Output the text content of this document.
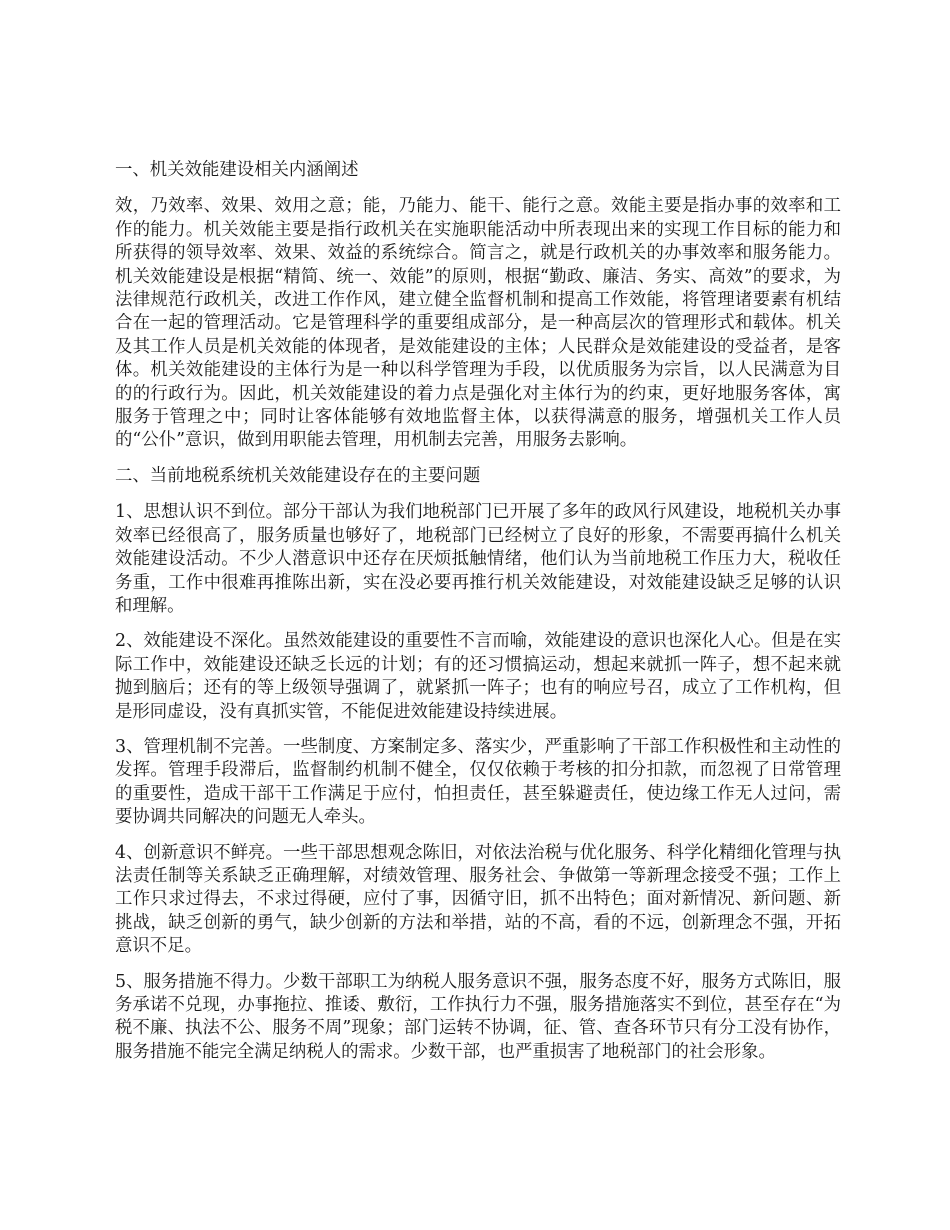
一、机关效能建设相关内涵阐述
效，乃效率、效果、效用之意；能，乃能力、能干、能行之意。效能主要是指办事的效率和工作的能力。机关效能主要是指行政机关在实施职能活动中所表现出来的实现工作目标的能力和所获得的领导效率、效果、效益的系统综合。简言之，就是行政机关的办事效率和服务能力。机关效能建设是根据“精简、统一、效能”的原则，根据“勤政、廉洁、务实、高效”的要求，为法律规范行政机关，改进工作作风，建立健全监督机制和提高工作效能，将管理诸要素有机结合在一起的管理活动。它是管理科学的重要组成部分，是一种高层次的管理形式和载体。机关及其工作人员是机关效能的体现者，是效能建设的主体；人民群众是效能建设的受益者，是客体。机关效能建设的主体行为是一种以科学管理为手段，以优质服务为宗旨，以人民满意为目的的行政行为。因此，机关效能建设的着力点是强化对主体行为的约束，更好地服务客体，寓服务于管理之中；同时让客体能够有效地监督主体，以获得满意的服务，增强机关工作人员的“公仆”意识，做到用职能去管理，用机制去完善，用服务去影响。
二、当前地税系统机关效能建设存在的主要问题
1、思想认识不到位。部分干部认为我们地税部门已开展了多年的政风行风建设，地税机关办事效率已经很高了，服务质量也够好了，地税部门已经树立了良好的形象，不需要再搞什么机关效能建设活动。不少人潜意识中还存在厌烦抵触情绪，他们认为当前地税工作压力大，税收任务重，工作中很难再推陈出新，实在没必要再推行机关效能建设，对效能建设缺乏足够的认识和理解。
2、效能建设不深化。虽然效能建设的重要性不言而喻，效能建设的意识也深化人心。但是在实际工作中，效能建设还缺乏长远的计划；有的还习惯搞运动，想起来就抓一阵子，想不起来就抛到脑后；还有的等上级领导强调了，就紧抓一阵子；也有的响应号召，成立了工作机构，但是形同虚设，没有真抓实管，不能促进效能建设持续进展。
3、管理机制不完善。一些制度、方案制定多、落实少，严重影响了干部工作积极性和主动性的发挥。管理手段滞后，监督制约机制不健全，仅仅依赖于考核的扣分扣款，而忽视了日常管理的重要性，造成干部干工作满足于应付，怕担责任，甚至躲避责任，使边缘工作无人过问，需要协调共同解决的问题无人牵头。
4、创新意识不鲜亮。一些干部思想观念陈旧，对依法治税与优化服务、科学化精细化管理与执法责任制等关系缺乏正确理解，对绩效管理、服务社会、争做第一等新理念接受不强；工作上工作只求过得去，不求过得硬，应付了事，因循守旧，抓不出特色；面对新情况、新问题、新挑战，缺乏创新的勇气，缺少创新的方法和举措，站的不高，看的不远，创新理念不强，开拓意识不足。
5、服务措施不得力。少数干部职工为纳税人服务意识不强，服务态度不好，服务方式陈旧，服务承诺不兑现，办事拖拉、推诿、敷衍，工作执行力不强，服务措施落实不到位，甚至存在“为税不廉、执法不公、服务不周”现象；部门运转不协调，征、管、查各环节只有分工没有协作，服务措施不能完全满足纳税人的需求。少数干部，也严重损害了地税部门的社会形象。
